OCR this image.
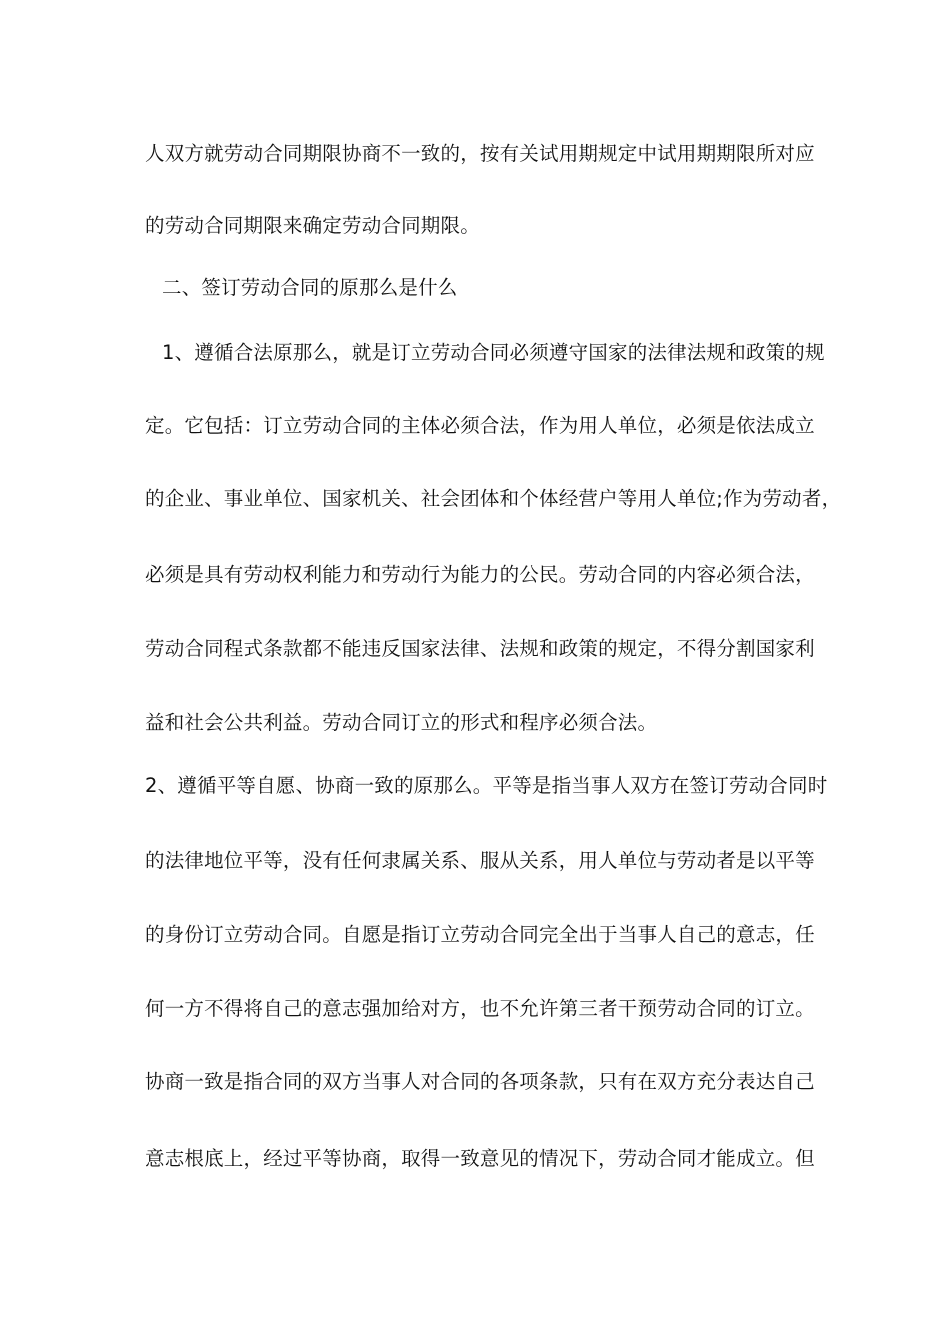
人双方就劳动合同期限协商不一致的，按有关试用期规定中试用期期限所对应
的劳动合同期限来确定劳动合同期限。
二、签订劳动合同的原那么是什么
1、遵循合法原那么，就是订立劳动合同必须遵守国家的法律法规和政策的规
定。它包括：订立劳动合同的主体必须合法，作为用人单位，必须是依法成立
的企业、事业单位、国家机关、社会团体和个体经营户等用人单位;作为劳动者，
必须是具有劳动权利能力和劳动行为能力的公民。劳动合同的内容必须合法，
劳动合同程式条款都不能违反国家法律、法规和政策的规定，不得分割国家利
益和社会公共利益。劳动合同订立的形式和程序必须合法。
2、遵循平等自愿、协商一致的原那么。平等是指当事人双方在签订劳动合同时
的法律地位平等，没有任何隶属关系、服从关系，用人单位与劳动者是以平等
的身份订立劳动合同。自愿是指订立劳动合同完全出于当事人自己的意志，任
何一方不得将自己的意志强加给对方，也不允许第三者干预劳动合同的订立。
协商一致是指合同的双方当事人对合同的各项条款，只有在双方充分表达自己
意志根底上，经过平等协商，取得一致意见的情况下，劳动合同才能成立。但
